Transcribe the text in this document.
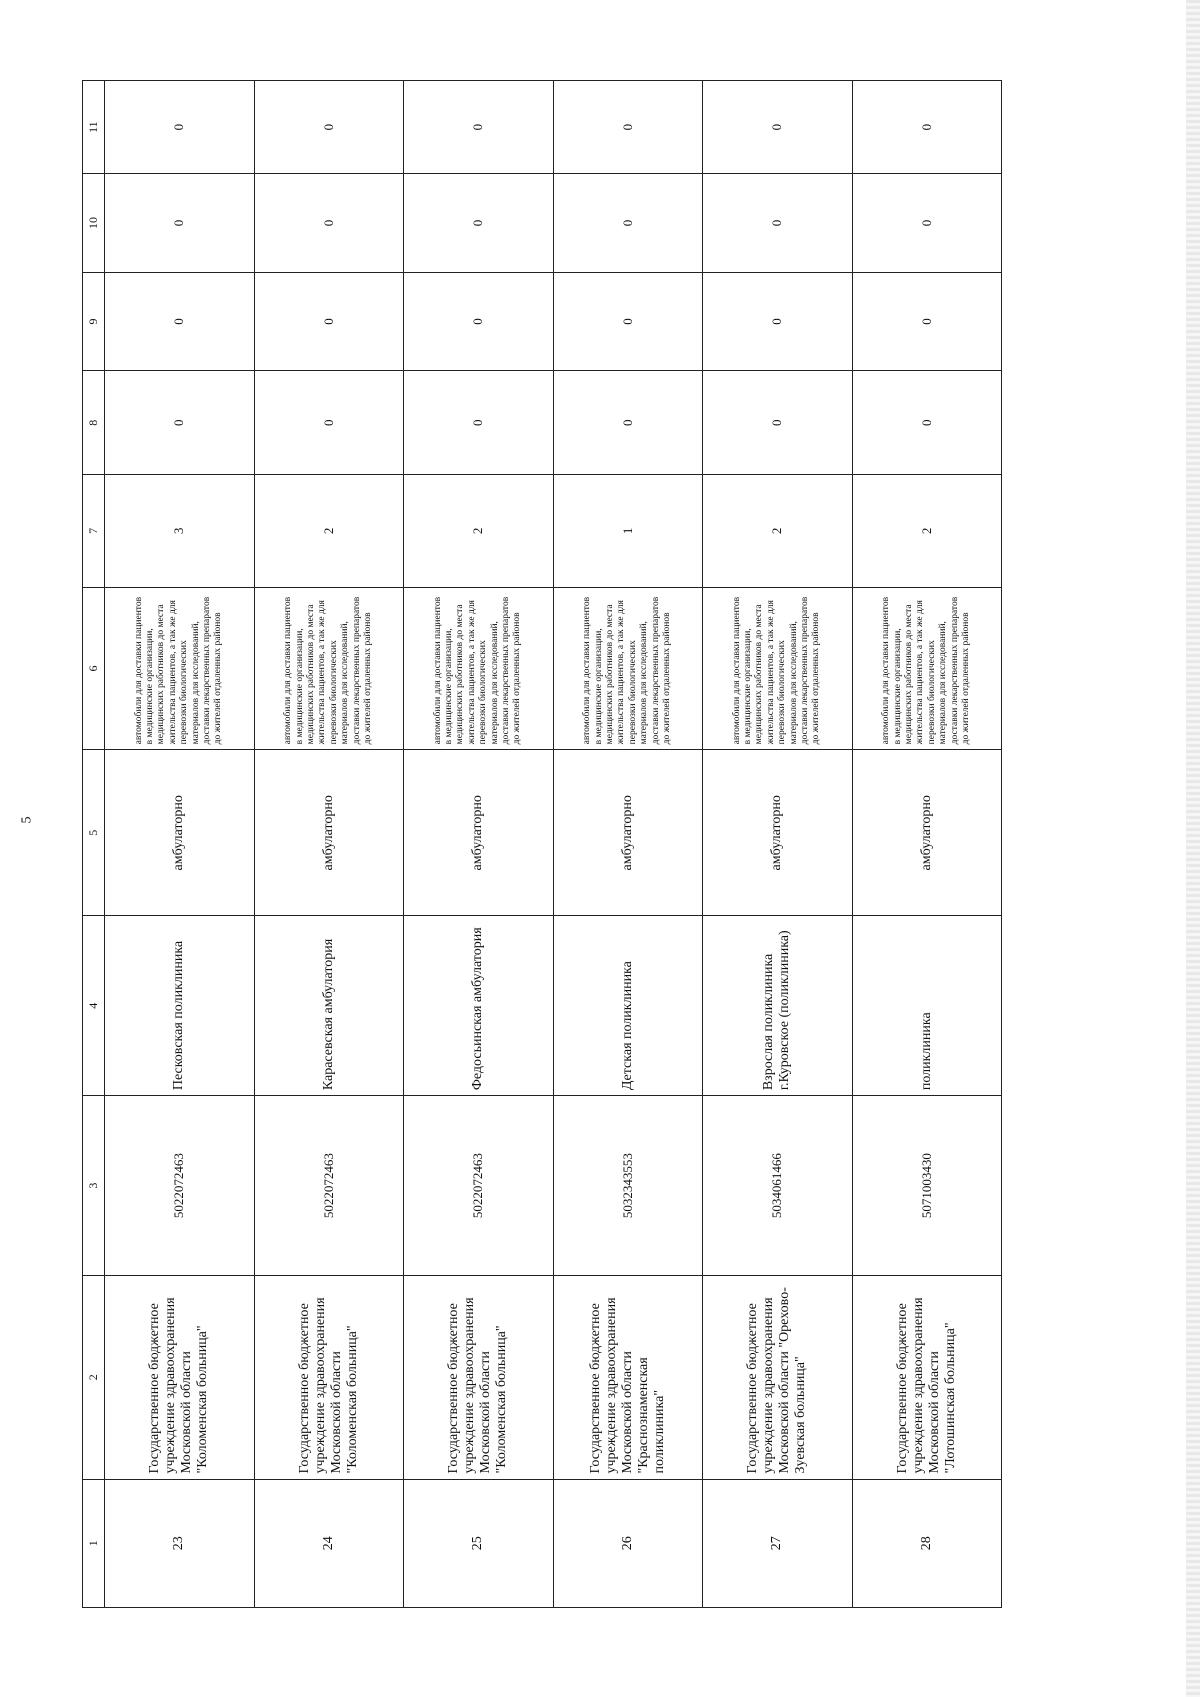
5
1	2	3	4	5	6	7	8	9	10	11
23	Государственное бюджетное учреждение здравоохранения Московской области "Коломенская больница"	5022072463	Песковская поликлиника	амбулаторно	автомобили для доставки пациентов в медицинские организации, медицинских работников до места жительства пациентов, а так же для перевозки биологических материалов для исследований, доставки лекарственных препаратов до жителей отдаленных районов	3	0	0	0	0
24	Государственное бюджетное учреждение здравоохранения Московской области "Коломенская больница"	5022072463	Карасевская амбулатория	амбулаторно	автомобили для доставки пациентов в медицинские организации, медицинских работников до места жительства пациентов, а так же для перевозки биологических материалов для исследований, доставки лекарственных препаратов до жителей отдаленных районов	2	0	0	0	0
25	Государственное бюджетное учреждение здравоохранения Московской области "Коломенская больница"	5022072463	Федосьинская амбулатория	амбулаторно	автомобили для доставки пациентов в медицинские организации, медицинских работников до места жительства пациентов, а так же для перевозки биологических материалов для исследований, доставки лекарственных препаратов до жителей отдаленных районов	2	0	0	0	0
26	Государственное бюджетное учреждение здравоохранения Московской области "Краснознаменская поликлиника"	5032343553	Детская поликлиника	амбулаторно	автомобили для доставки пациентов в медицинские организации, медицинских работников до места жительства пациентов, а так же для перевозки биологических материалов для исследований, доставки лекарственных препаратов до жителей отдаленных районов	1	0	0	0	0
27	Государственное бюджетное учреждение здравоохранения Московской области "Орехово-Зуевская больница"	5034061466	Взрослая поликлиника г.Куровское (поликлиника)	амбулаторно	автомобили для доставки пациентов в медицинские организации, медицинских работников до места жительства пациентов, а так же для перевозки биологических материалов для исследований, доставки лекарственных препаратов до жителей отдаленных районов	2	0	0	0	0
28	Государственное бюджетное учреждение здравоохранения Московской области "Лотошинская больница"	5071003430	поликлиника	амбулаторно	автомобили для доставки пациентов в медицинские организации, медицинских работников до места жительства пациентов, а так же для перевозки биологических материалов для исследований, доставки лекарственных препаратов до жителей отдаленных районов	2	0	0	0	0
